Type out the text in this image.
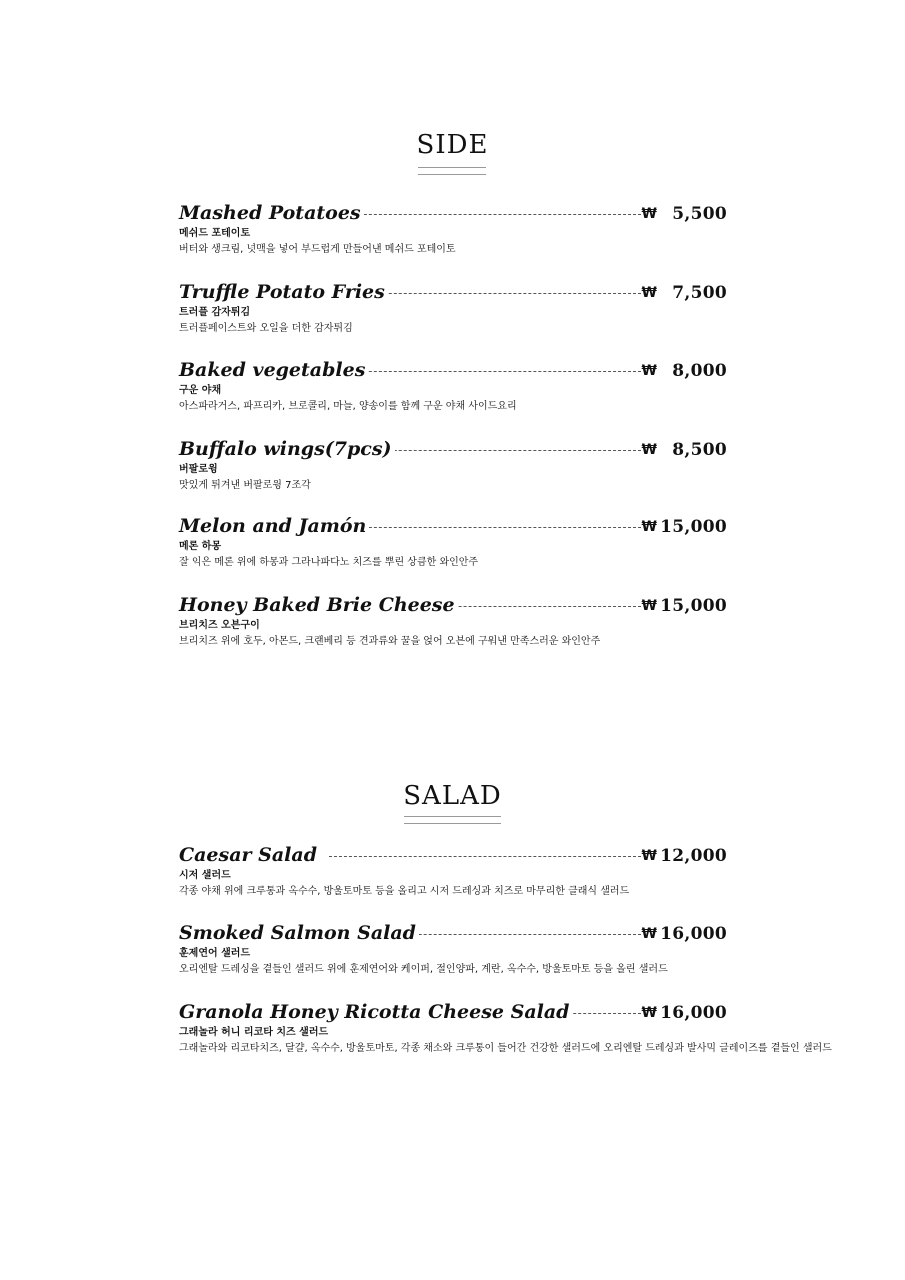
SIDE
Mashed Potatoes	₩ 5,500
메쉬드 포테이토
버터와 생크림, 넛맥을 넣어 부드럽게 만들어낸 메쉬드 포테이토
Truffle Potato Fries	₩ 7,500
트러플 감자튀김
트러플페이스트와 오일을 더한 감자튀김
Baked vegetables	₩ 8,000
구운 야채
아스파라거스, 파프리카, 브로콜리, 마늘, 양송이를 함께 구운 야채 사이드요리
Buffalo wings(7pcs)	₩ 8,500
버팔로윙
맛있게 튀겨낸 버팔로윙 7조각
Melon and Jamón	₩ 15,000
메론 하몽
잘 익은 메론 위에 하몽과 그라나파다노 치즈를 뿌린 상큼한 와인안주
Honey Baked Brie Cheese	₩ 15,000
브리치즈 오븐구이
브리치즈 위에 호두, 아몬드, 크랜베리 등 견과류와 꿀을 얹어 오븐에 구워낸 만족스러운 와인안주
SALAD
Caesar Salad	₩ 12,000
시저 샐러드
각종 야채 위에 크루통과 옥수수, 방울토마토 등을 올리고 시저 드레싱과 치즈로 마무리한 클래식 샐러드
Smoked Salmon Salad	₩ 16,000
훈제연어 샐러드
오리엔탈 드레싱을 곁들인 샐러드 위에 훈제연어와 케이퍼, 절인양파, 계란, 옥수수, 방울토마토 등을 올린 샐러드
Granola Honey Ricotta Cheese Salad	₩ 16,000
그래놀라 허니 리코타 치즈 샐러드
그래놀라와 리코타치즈, 달걀, 옥수수, 방울토마토, 각종 채소와 크루통이 들어간 건강한 샐러드에 오리엔탈 드레싱과 발사믹 글레이즈를 곁들인 샐러드
